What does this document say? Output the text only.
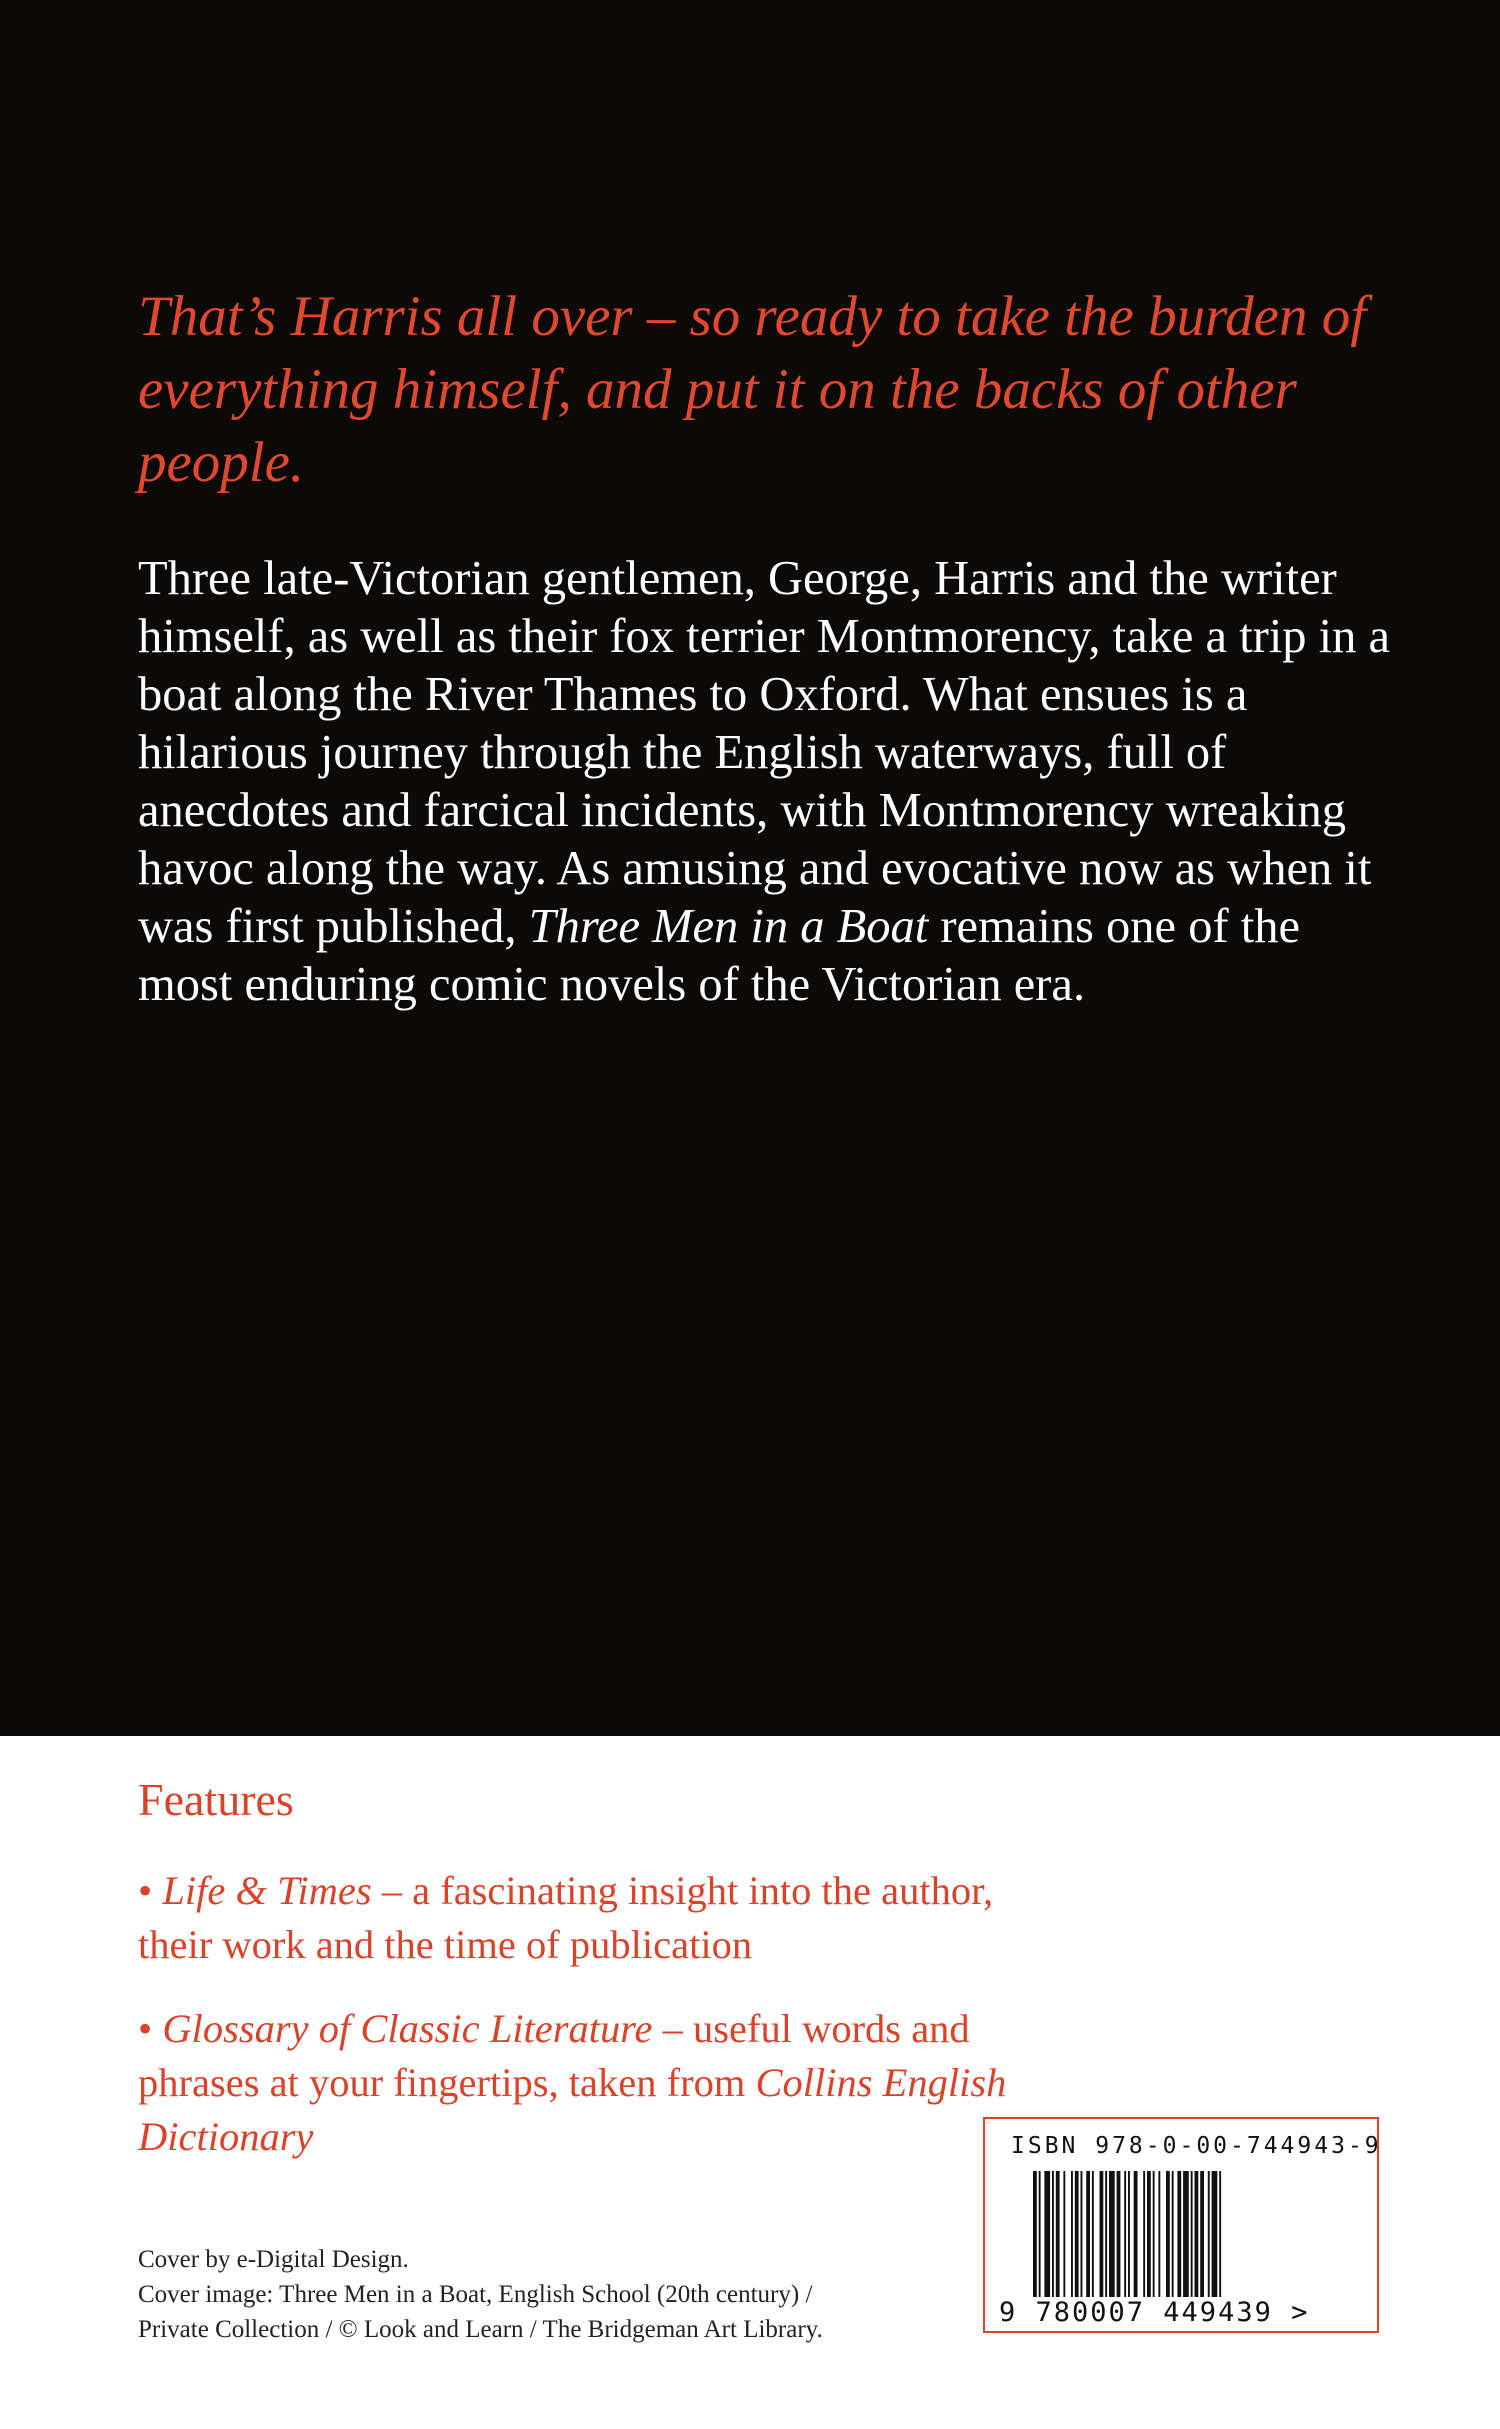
That’s Harris all over – so ready to take the burden of everything himself, and put it on the backs of other people.
Three late-Victorian gentlemen, George, Harris and the writer himself, as well as their fox terrier Montmorency, take a trip in a boat along the River Thames to Oxford. What ensues is a hilarious journey through the English waterways, full of anecdotes and farcical incidents, with Montmorency wreaking havoc along the way. As amusing and evocative now as when it was first published, Three Men in a Boat remains one of the most enduring comic novels of the Victorian era.
Features
• Life & Times – a fascinating insight into the author, their work and the time of publication
• Glossary of Classic Literature – useful words and phrases at your fingertips, taken from Collins English Dictionary
Cover by e-Digital Design.
Cover image: Three Men in a Boat, English School (20th century) /
Private Collection / © Look and Learn / The Bridgeman Art Library.
ISBN 978-0-00-744943-9
9 780007 449439 >
